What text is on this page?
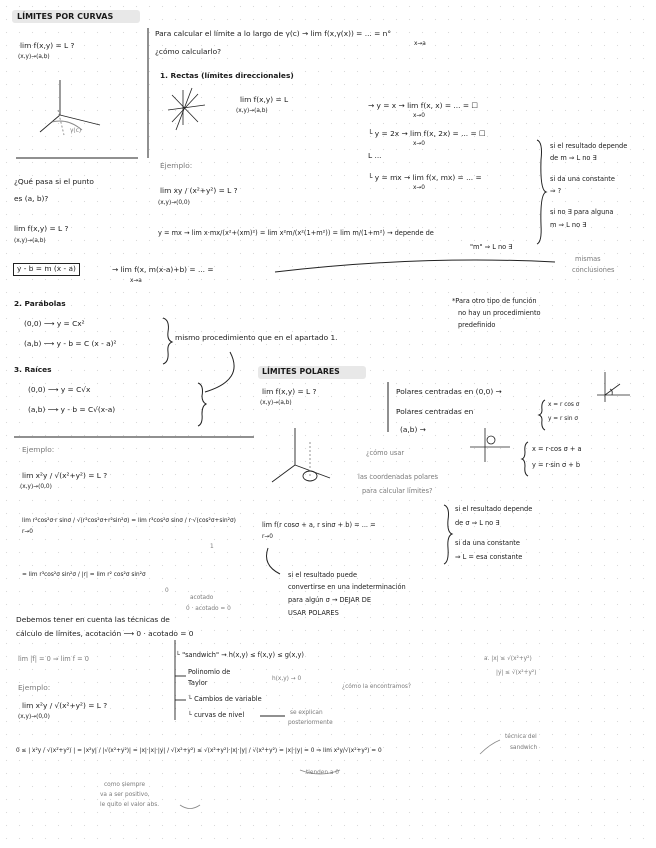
LÍMITES POR CURVAS
lim f(x,y) = L ?
(x,y)→(a,b)
γ(c)
¿Qué pasa si el punto
es (a, b)?
lim f(x,y) = L ?
(x,y)→(a,b)
y - b = m (x - a)	→ lim f(x, m(x-a)+b) = ... =
x→a
2. Parábolas
(0,0) ⟶ y = Cx²
(a,b) ⟶ y - b = C (x - a)²
mismo procedimiento que en el apartado 1.
3. Raíces
(0,0) ⟶ y = C√x
(a,b) ⟶ y - b = C√(x-a)
Para calcular el límite a lo largo de γ(c) → lim f(x,γ(x)) = ... = n°
x→a
¿cómo calcularlo?
1. Rectas (límites direccionales)
lim f(x,y) = L
(x,y)→(a,b)
→ y = x → lim f(x, x) = ... = ☐
x→0
└ y = 2x → lim f(x, 2x) = ... = ☐
x→0
L ...
└ y = mx → lim f(x, mx) = ... =
x→0
si el resultado depende
de m ⇒ L no ∃
si da una constante
⇒ ?
si no ∃ para alguna
m ⇒ L no ∃
mismas
conclusiones
Ejemplo:
lim xy / (x²+y²) = L ?
(x,y)→(0,0)
y = mx → lim x·mx/(x²+(xm)²) = lim x²m/(x²(1+m²)) = lim m/(1+m²) → depende de
"m" ⇒ L no ∃
*Para otro tipo de función
no hay un procedimiento
predefinido
LÍMITES POLARES
lim f(x,y) = L ?
(x,y)→(a,b)
Polares centradas en (0,0) →
Polares centradas en
(a,b) →
x = r cos σ
y = r sin σ
x = r·cos σ + a
y = r·sin σ + b
¿cómo usar
las coordenadas polares
para calcular límites?
Ejemplo:
lim x²y / √(x²+y²) = L ?
(x,y)→(0,0)
lim r²cos²σ·r sinσ / √(r²cos²σ+r²sin²σ) = lim r³cos²σ sinσ / r·√(cos²σ+sin²σ)
r→0
1
lim f(r cosσ + a, r sinσ + b) = ... =
r→0
= lim r³cos²σ sin²σ / |r| = lim r² cos²σ sin²σ
0
acotado
0 · acotado = 0
si el resultado depende
de σ ⇒ L no ∃
si da una constante
⇒ L = esa constante
si el resultado puede
convertirse en una indeterminación
para algún σ → DEJAR DE
USAR POLARES
Debemos tener en cuenta las técnicas de
cálculo de límites, acotación ⟶ 0 · acotado = 0
lim |f| = 0 ⇒ lim f = 0	└ "sandwich" → h(x,y) ≤ f(x,y) ≤ g(x,y)
Polinomio de
Taylor
└ Cambios de variable
└ curvas de nivel
h(x,y) → 0
¿cómo la encontramos?
se explican
posteriormente
a. |x| ≤ √(x²+y²)
|y| ≤ √(x²+y²)
Ejemplo:
lim x²y / √(x²+y²) = L ?
(x,y)→(0,0)
0 ≤ | x²y / √(x²+y²) | = |x²y| / |√(x²+y²)| = |x|·|x|·|y| / √(x²+y²) ≤ √(x²+y²)·|x|·|y| / √(x²+y²) = |x|·|y| = 0 ⇒ lim x²y/√(x²+y²) = 0
tienden a 0
como siempre
va a ser positivo,
le quito el valor abs.
técnica del
sandwich
